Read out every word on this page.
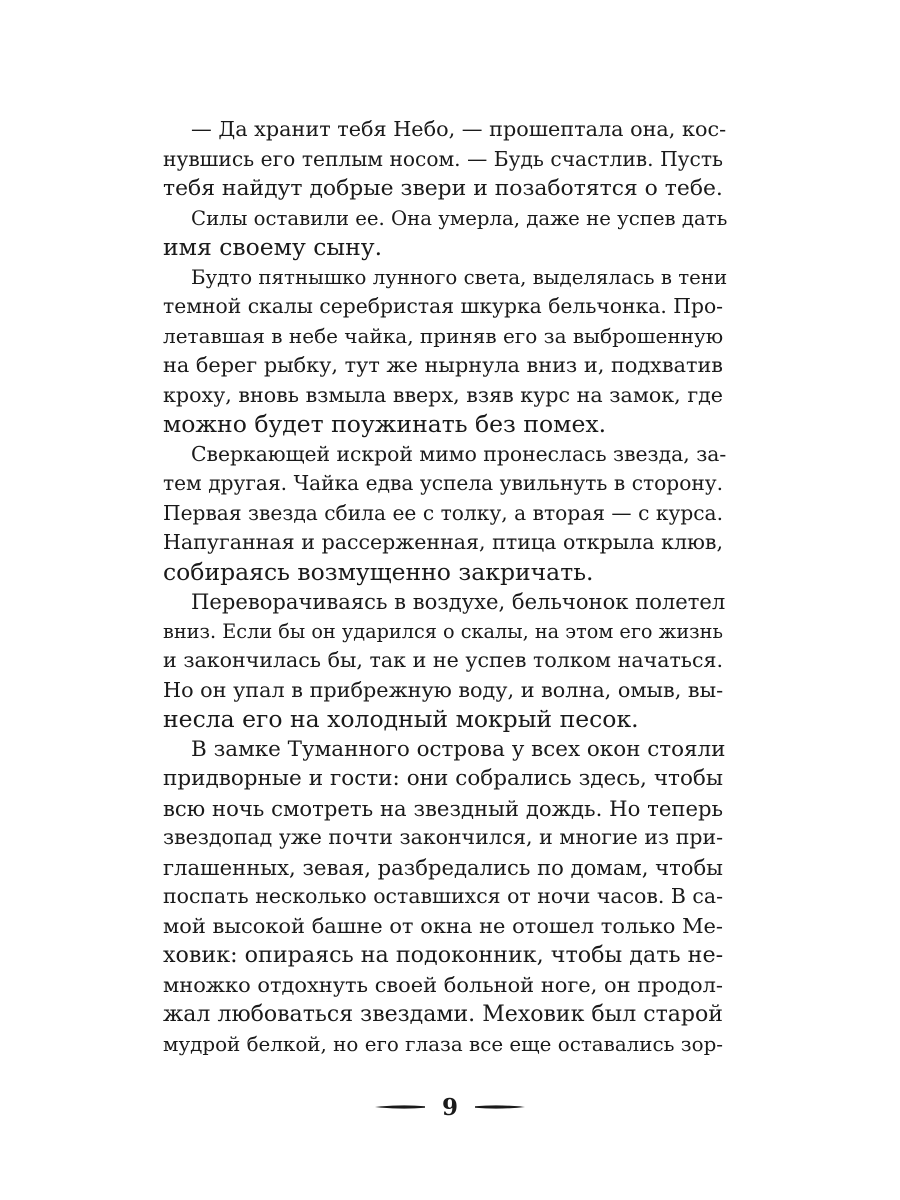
— Да хранит тебя Небо, — прошептала она, кос-
нувшись его теплым носом. — Будь счастлив. Пусть
тебя найдут добрые звери и позаботятся о тебе.
Силы оставили ее. Она умерла, даже не успев дать
имя своему сыну.
Будто пятнышко лунного света, выделялась в тени
темной скалы серебристая шкурка бельчонка. Про-
летавшая в небе чайка, приняв его за выброшенную
на берег рыбку, тут же нырнула вниз и, подхватив
кроху, вновь взмыла вверх, взяв курс на замок, где
можно будет поужинать без помех.
Сверкающей искрой мимо пронеслась звезда, за-
тем другая. Чайка едва успела увильнуть в сторону.
Первая звезда сбила ее с толку, а вторая — с курса.
Напуганная и рассерженная, птица открыла клюв,
собираясь возмущенно закричать.
Переворачиваясь в воздухе, бельчонок полетел
вниз. Если бы он ударился о скалы, на этом его жизнь
и закончилась бы, так и не успев толком начаться.
Но он упал в прибрежную воду, и волна, омыв, вы-
несла его на холодный мокрый песок.
В замке Туманного острова у всех окон стояли
придворные и гости: они собрались здесь, чтобы
всю ночь смотреть на звездный дождь. Но теперь
звездопад уже почти закончился, и многие из при-
глашенных, зевая, разбредались по домам, чтобы
поспать несколько оставшихся от ночи часов. В са-
мой высокой башне от окна не отошел только Ме-
ховик: опираясь на подоконник, чтобы дать не-
множко отдохнуть своей больной ноге, он продол-
жал любоваться звездами. Меховик был старой
мудрой белкой, но его глаза все еще оставались зор-
9
